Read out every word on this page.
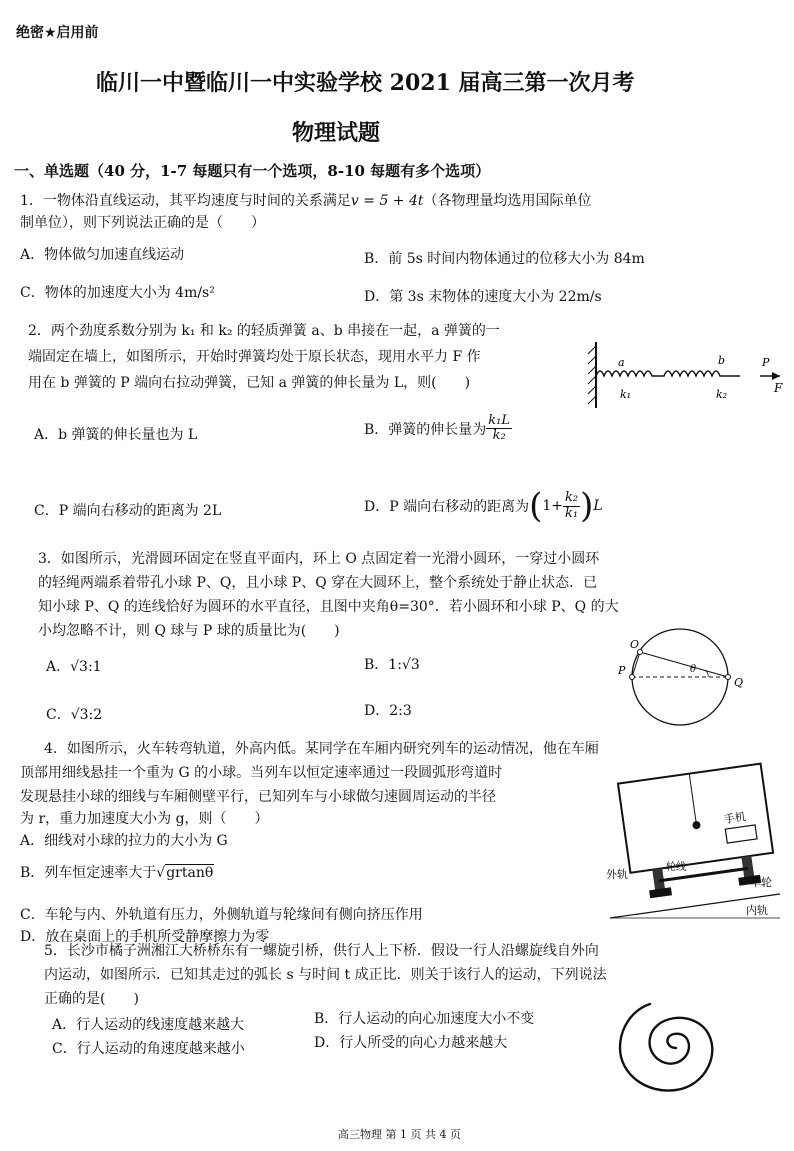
绝密★启用前
临川一中暨临川一中实验学校 2021 届高三第一次月考
物理试题
一、单选题（40 分，1-7 每题只有一个选项，8-10 每题有多个选项）
1．一物体沿直线运动，其平均速度与时间的关系满足v = 5 + 4t（各物理量均选用国际单位
制单位），则下列说法正确的是（　　）
A．物体做匀加速直线运动	B．前 5s 时间内物体通过的位移大小为 84m
C．物体的加速度大小为 4m/s²	D．第 3s 末物体的速度大小为 22m/s
2．两个劲度系数分别为 k₁ 和 k₂ 的轻质弹簧 a、b 串接在一起，a 弹簧的一
端固定在墙上，如图所示，开始时弹簧均处于原长状态，现用水平力 F 作
用在 b 弹簧的 P 端向右拉动弹簧，已知 a 弹簧的伸长量为 L，则(　　)
a	b	P
F
k₁	k₂
A．b 弹簧的伸长量也为 L	B．弹簧的伸长量为 $\frac{\text{k₁L}}{\text{k₂}}$
C．P 端向右移动的距离为 2L	D．P 端向右移动的距离为 ( $1+ \frac{\text{k₂}}{\text{k₁}}$ ) L
3．如图所示，光滑圆环固定在竖直平面内，环上 O 点固定着一光滑小圆环，一穿过小圆环
的轻绳两端系着带孔小球 P、Q，且小球 P、Q 穿在大圆环上，整个系统处于静止状态．已
知小球 P、Q 的连线恰好为圆环的水平直径，且图中夹角θ=30°．若小圆环和小球 P、Q 的大
小均忽略不计，则 Q 球与 P 球的质量比为(　　)
A．√3:1	B．1:√3
C．√3:2	D．2:3
O
P
Q
θ
4．如图所示，火车转弯轨道，外高内低。某同学在车厢内研究列车的运动情况，他在车厢
顶部用细线悬挂一个重为 G 的小球。当列车以恒定速率通过一段圆弧形弯道时
发现悬挂小球的细线与车厢侧壁平行，已知列车与小球做匀速圆周运动的半径
为 r，重力加速度大小为 g，则（　　）
A．细线对小球的拉力的大小为 G
B．列车恒定速率大于√grtanθ
C．车轮与内、外轨道有压力，外侧轨道与轮缘间有侧向挤压作用
D．放在桌面上的手机所受静摩擦力为零
手机
外轨
轮线
车轮
内轨
5．长沙市橘子洲湘江大桥桥东有一螺旋引桥，供行人上下桥．假设一行人沿螺旋线自外向
内运动，如图所示．已知其走过的弧长 s 与时间 t 成正比．则关于该行人的运动，下列说法
正确的是(　　)
A．行人运动的线速度越来越大	B．行人运动的向心加速度大小不变
C．行人运动的角速度越来越小	D．行人所受的向心力越来越大
高三物理 第 1 页 共 4 页
